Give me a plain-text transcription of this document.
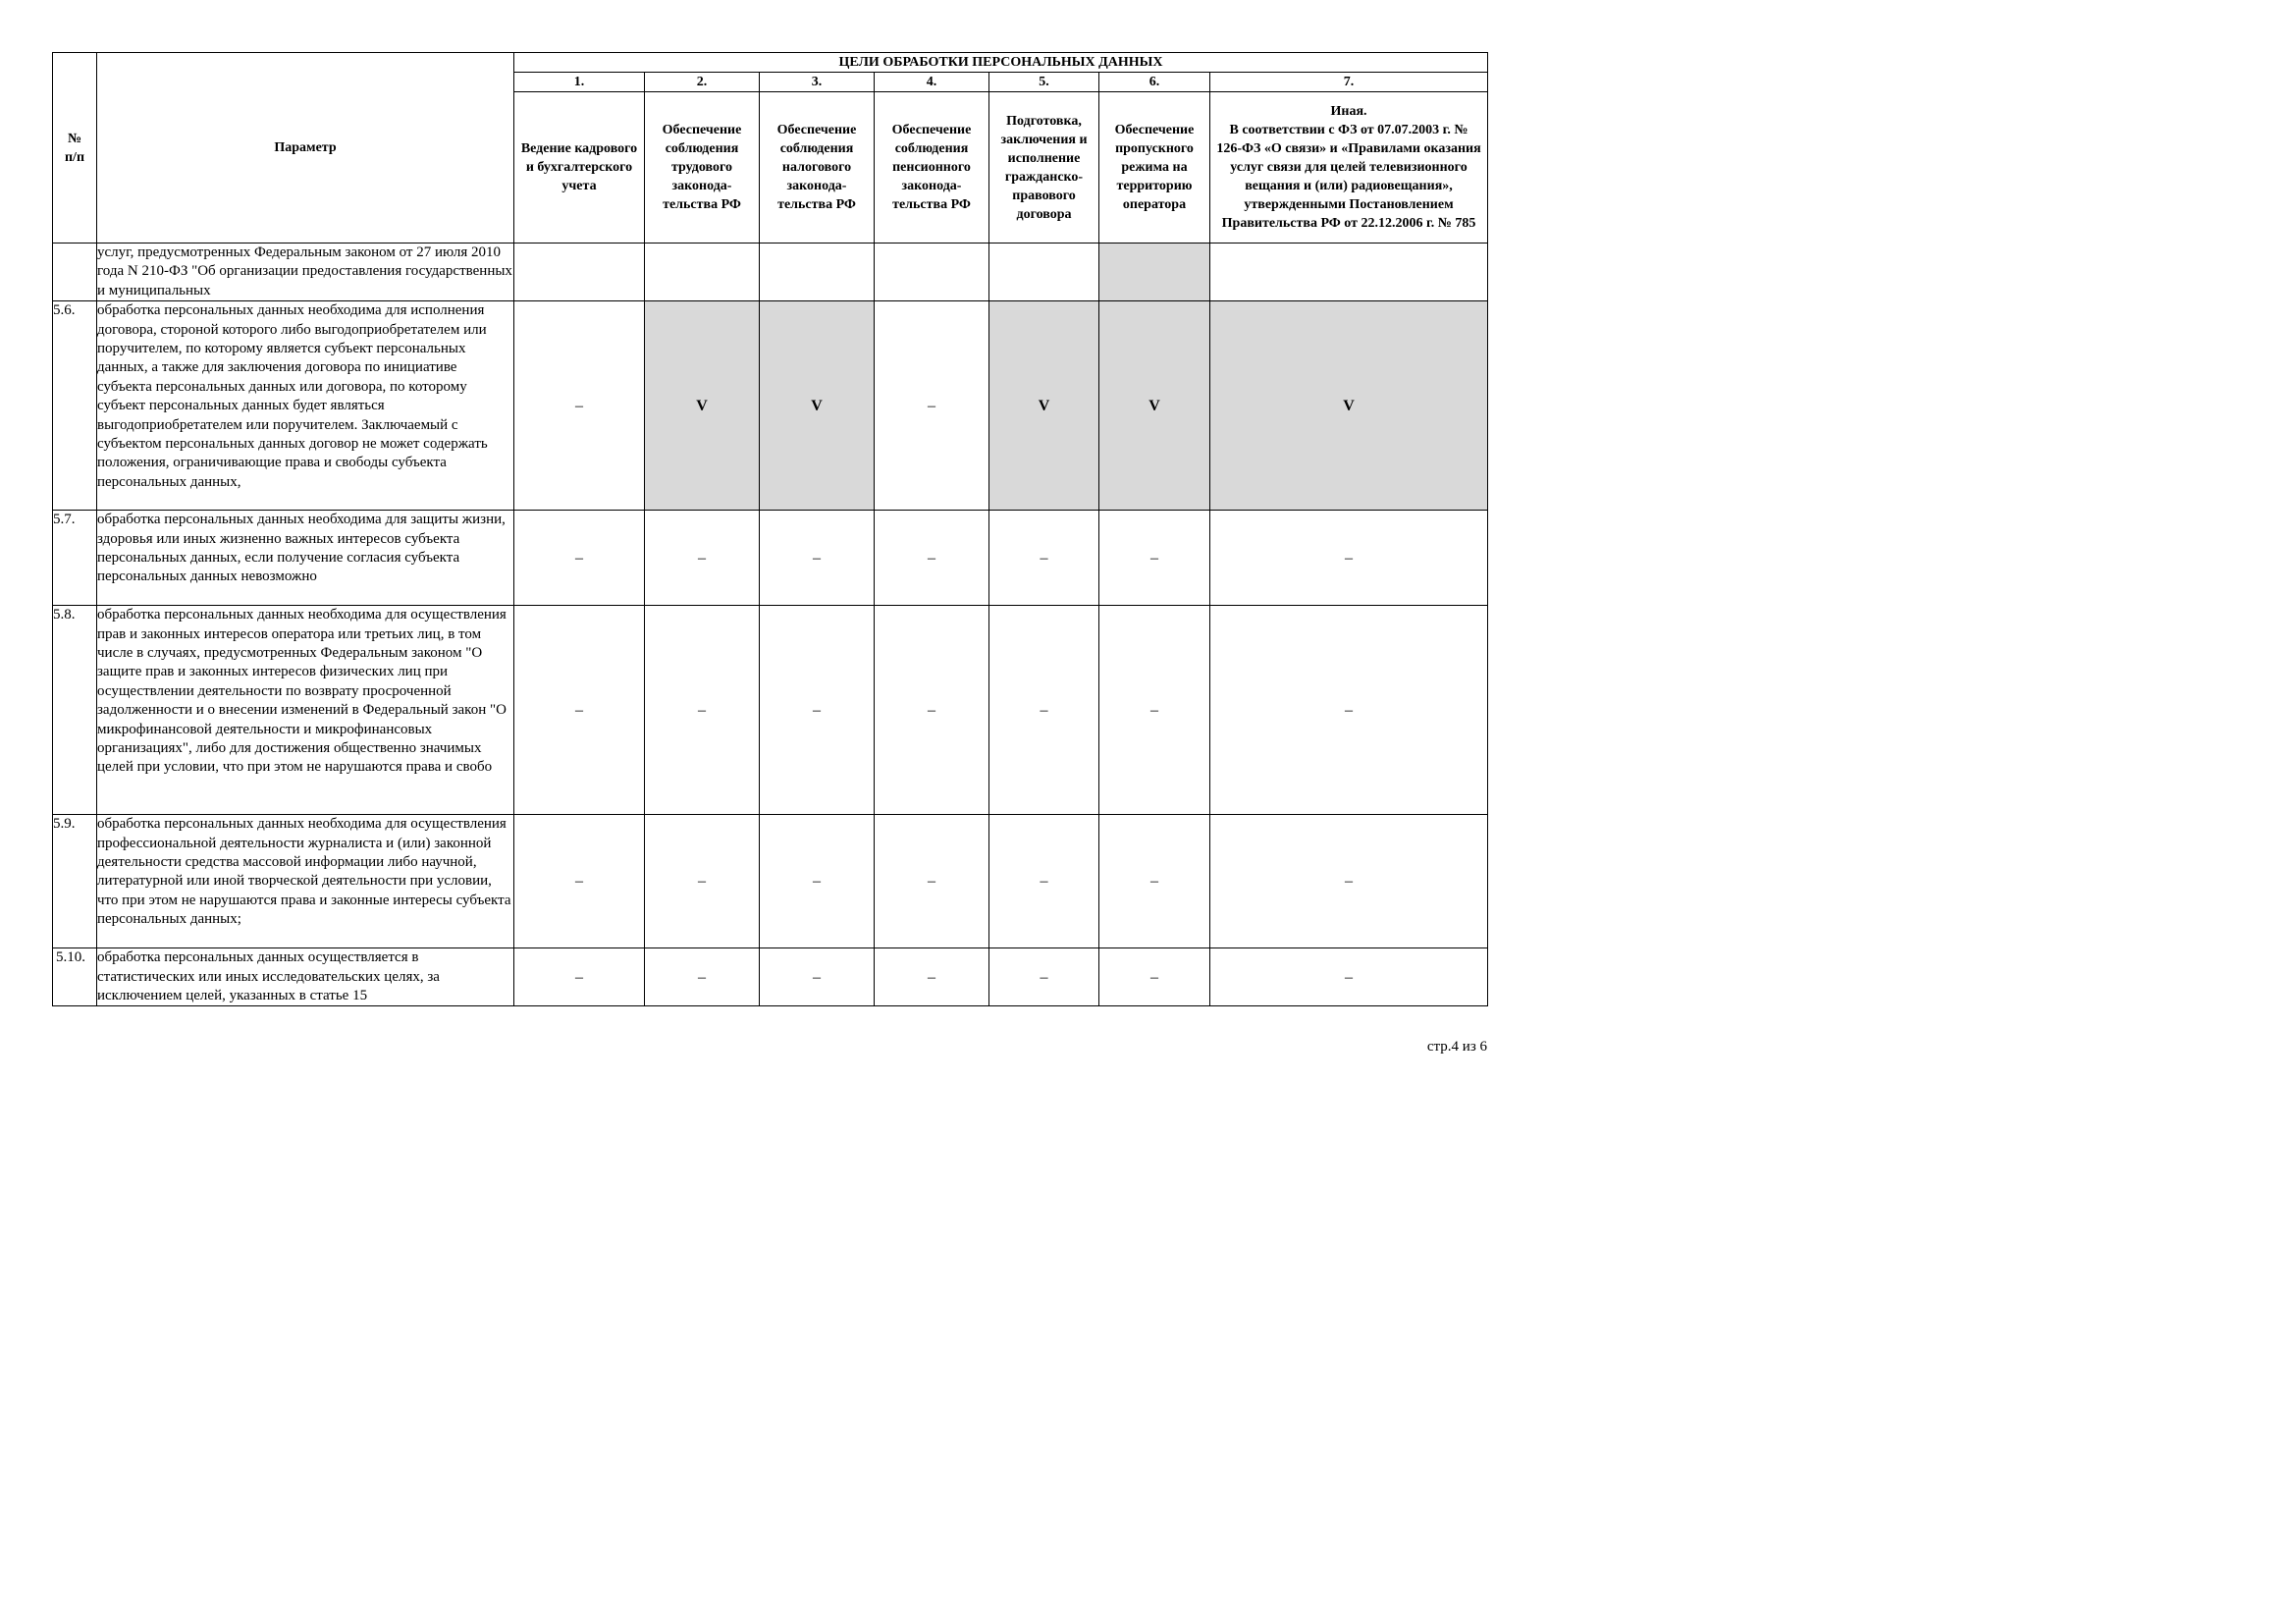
№
п/п	Параметр	ЦЕЛИ ОБРАБОТКИ ПЕРСОНАЛЬНЫХ ДАННЫХ						
		1.	2.	3.	4.	5.	6.	7.
		Ведение кадрового и бухгалтерского учета	Обеспечение соблюдения трудового законода-тельства РФ	Обеспечение соблюдения налогового законода-тельства РФ	Обеспечение соблюдения пенсионного законода-тельства РФ	Подготовка, заключения и исполнение гражданско-правового договора	Обеспечение пропускного режима на территорию оператора	Иная.
В соответствии с ФЗ от 07.07.2003 г. № 126-ФЗ «О связи» и «Правилами оказания услуг связи для целей телевизионного вещания и (или) радиовещания», утвержденными Постановлением Правительства РФ от 22.12.2006 г. № 785
	услуг, предусмотренных Федеральным законом от 27 июля 2010 года N 210-ФЗ "Об организации предоставления государственных и муниципальных							
5.6.	обработка персональных данных необходима для исполнения договора, стороной которого либо выгодоприобретателем или поручителем, по которому является субъект персональных данных, а также для заключения договора по инициативе субъекта персональных данных или договора, по которому субъект персональных данных будет являться выгодоприобретателем или поручителем. Заключаемый с субъектом персональных данных договор не может содержать положения, ограничивающие права и свободы субъекта персональных данных,	–	V	V	–	V	V	V
5.7.	обработка персональных данных необходима для защиты жизни, здоровья или иных жизненно важных интересов субъекта персональных данных, если получение согласия субъекта персональных данных невозможно	–	–	–	–	–	–	–
5.8.	обработка персональных данных необходима для осуществления прав и законных интересов оператора или третьих лиц, в том числе в случаях, предусмотренных Федеральным законом "О защите прав и законных интересов физических лиц при осуществлении деятельности по возврату просроченной задолженности и о внесении изменений в Федеральный закон "О микрофинансовой деятельности и микрофинансовых организациях", либо для достижения общественно значимых целей при условии, что при этом не нарушаются права и свобо	–	–	–	–	–	–	–
5.9.	обработка персональных данных необходима для осуществления профессиональной деятельности журналиста и (или) законной деятельности средства массовой информации либо научной, литературной или иной творческой деятельности при условии, что при этом не нарушаются права и законные интересы субъекта персональных данных;	–	–	–	–	–	–	–
5.10.	обработка персональных данных осуществляется в статистических или иных исследовательских целях, за исключением целей, указанных в статье 15	–	–	–	–	–	–	–
стр.4 из 6
